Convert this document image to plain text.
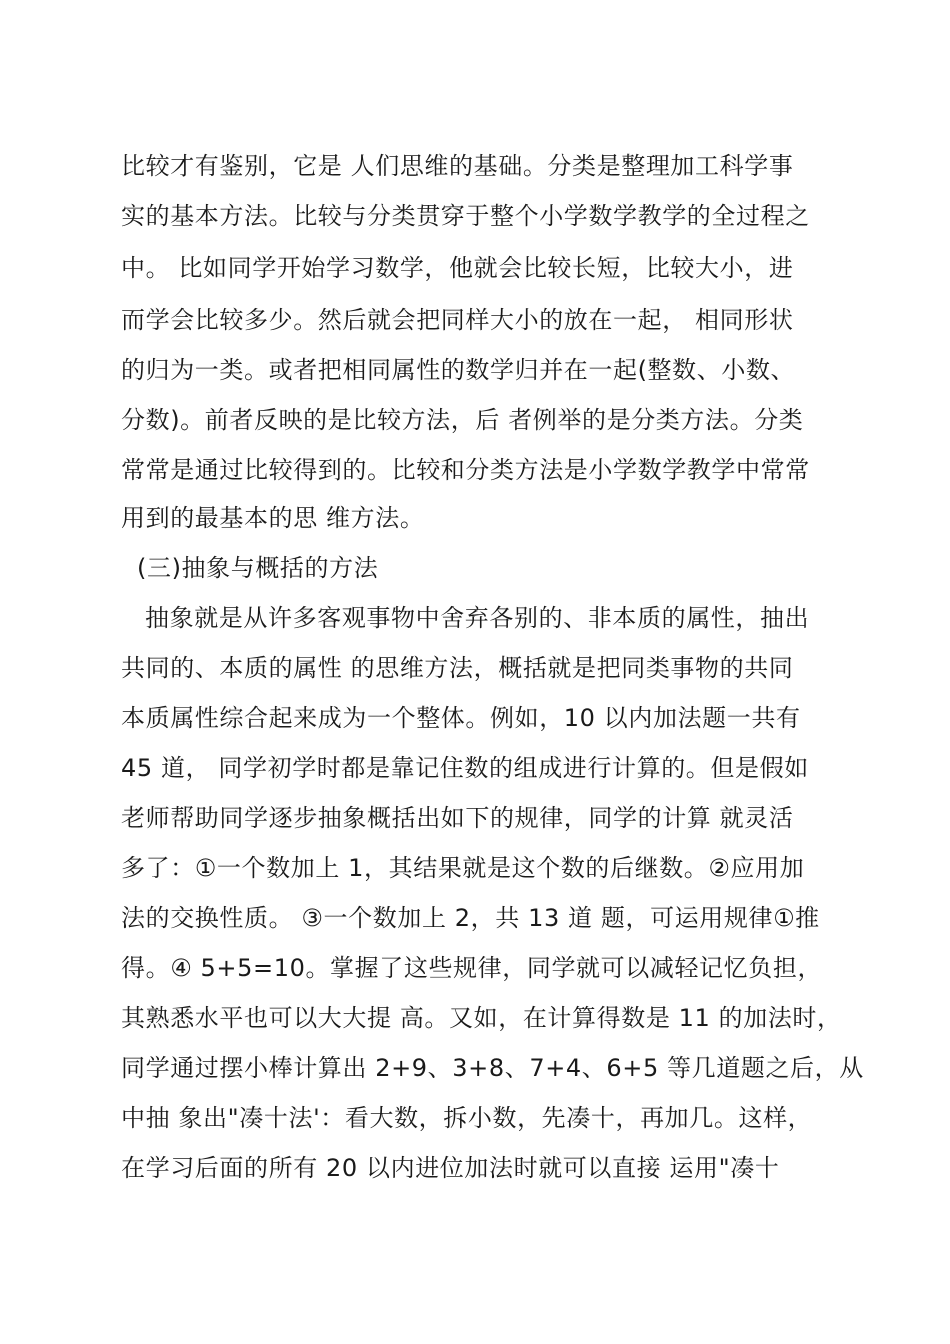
比较才有鉴别，它是 人们思维的基础。分类是整理加工科学事
实的基本方法。比较与分类贯穿于整个小学数学教学的全过程之
中。 比如同学开始学习数学，他就会比较长短，比较大小，进
而学会比较多少。然后就会把同样大小的放在一起， 相同形状
的归为一类。或者把相同属性的数学归并在一起(整数、小数、
分数)。前者反映的是比较方法，后 者例举的是分类方法。分类
常常是通过比较得到的。比较和分类方法是小学数学教学中常常
用到的最基本的思 维方法。
(三)抽象与概括的方法
抽象就是从许多客观事物中舍弃各别的、非本质的属性，抽出
共同的、本质的属性 的思维方法，概括就是把同类事物的共同
本质属性综合起来成为一个整体。例如，10 以内加法题一共有
45 道， 同学初学时都是靠记住数的组成进行计算的。但是假如
老师帮助同学逐步抽象概括出如下的规律，同学的计算 就灵活
多了：①一个数加上 1，其结果就是这个数的后继数。②应用加
法的交换性质。 ③一个数加上 2，共 13 道 题，可运用规律①推
得。④ 5+5=10。掌握了这些规律，同学就可以减轻记忆负担，
其熟悉水平也可以大大提 高。又如，在计算得数是 11 的加法时，
同学通过摆小棒计算出 2+9、3+8、7+4、6+5 等几道题之后，从
中抽 象出"凑十法'：看大数，拆小数，先凑十，再加几。这样，
在学习后面的所有 20 以内进位加法时就可以直接 运用"凑十
